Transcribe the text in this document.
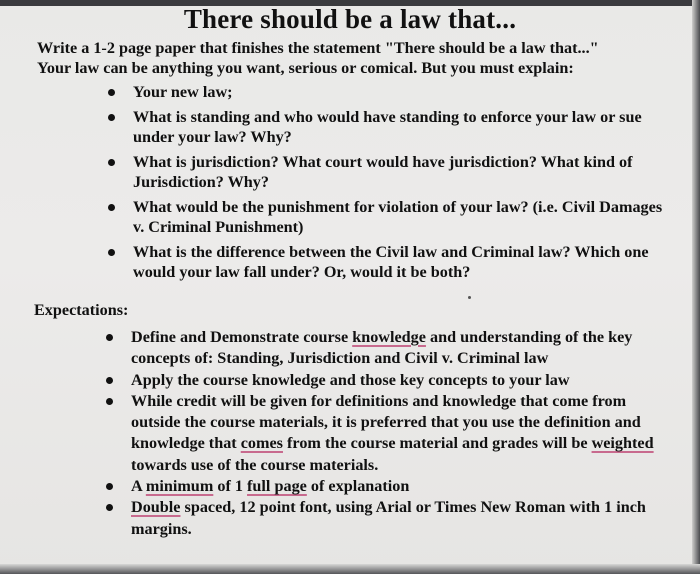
There should be a law that...
Write a 1-2 page paper that finishes the statement "There should be a law that..."
Your law can be anything you want, serious or comical. But you must explain:
Your new law;
What is standing and who would have standing to enforce your law or sue under your law? Why?
What is jurisdiction? What court would have jurisdiction? What kind of Jurisdiction? Why?
What would be the punishment for violation of your law? (i.e. Civil Damages v. Criminal Punishment)
What is the difference between the Civil law and Criminal law? Which one would your law fall under? Or, would it be both?
Expectations:
Define and Demonstrate course knowledge and understanding of the key concepts of: Standing, Jurisdiction and Civil v. Criminal law
Apply the course knowledge and those key concepts to your law
While credit will be given for definitions and knowledge that come from outside the course materials, it is preferred that you use the definition and knowledge that comes from the course material and grades will be weighted towards use of the course materials.
A minimum of 1 full page of explanation
Double spaced, 12 point font, using Arial or Times New Roman with 1 inch margins.
